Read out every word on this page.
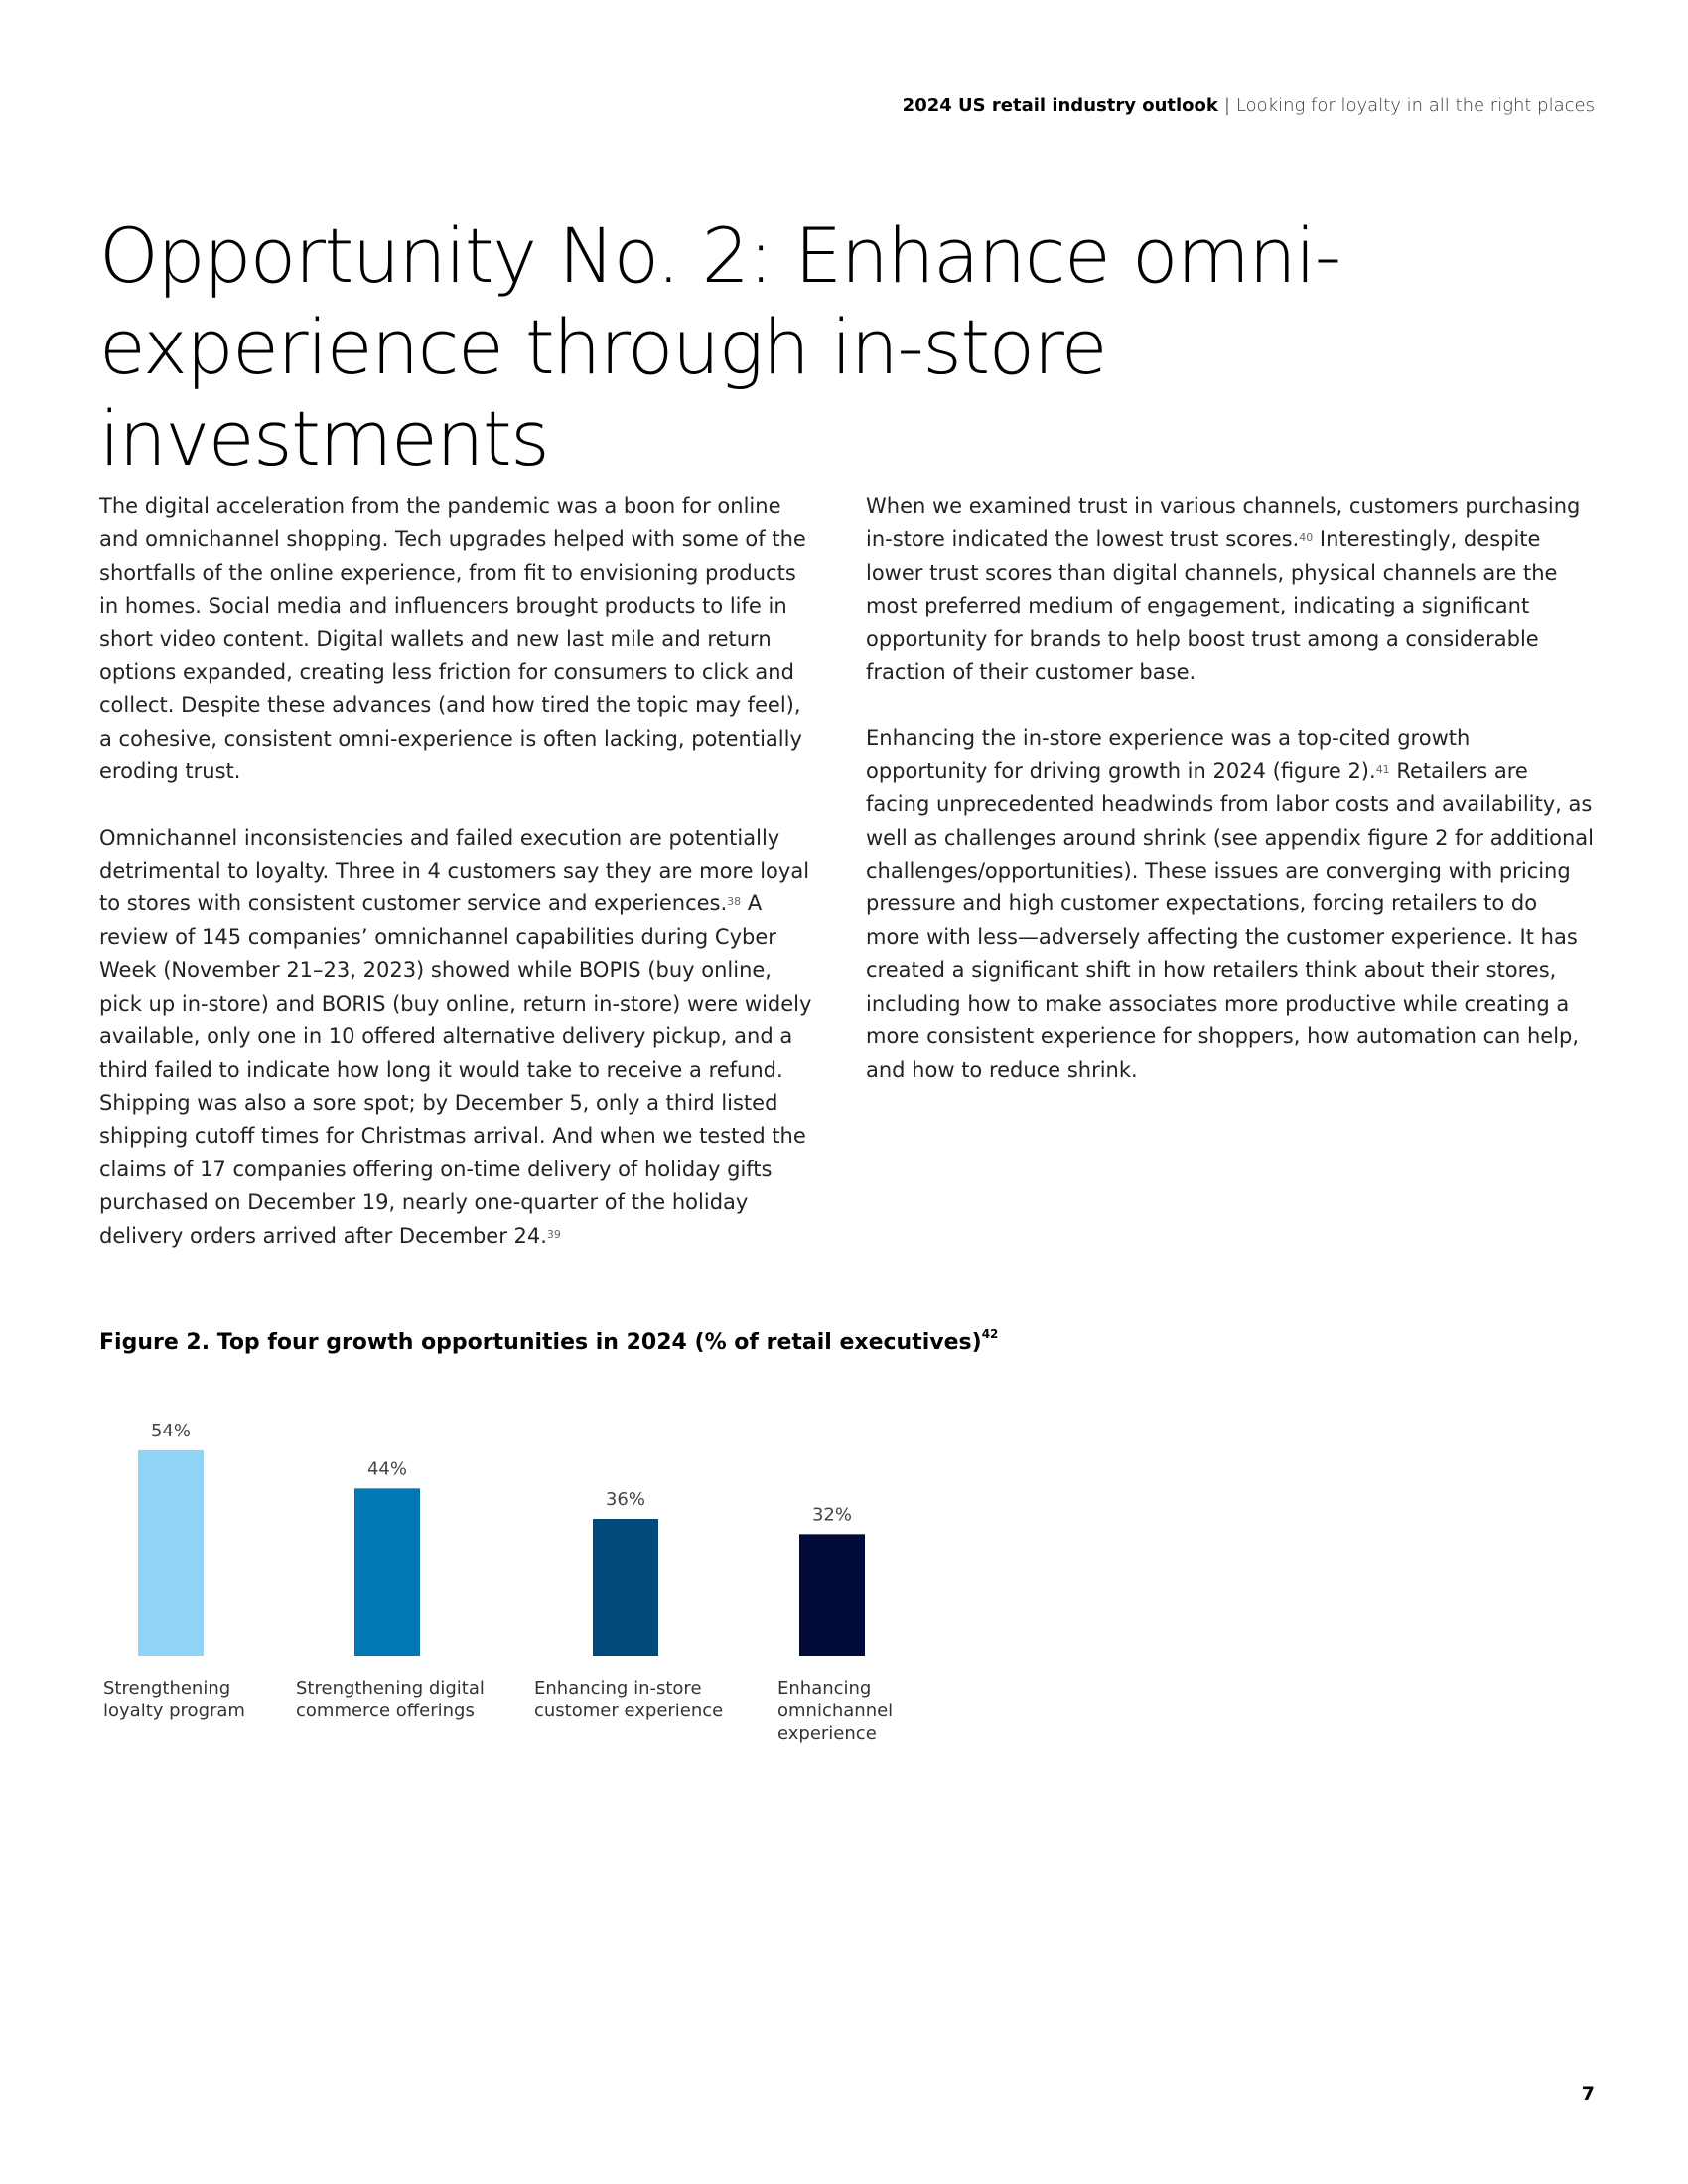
2024 US retail industry outlook | Looking for loyalty in all the right places
Opportunity No. 2: Enhance omni-experience through in-store investments

The digital acceleration from the pandemic was a boon for online and omnichannel shopping. Tech upgrades helped with some of the shortfalls of the online experience, from fit to envisioning products in homes. Social media and influencers brought products to life in short video content. Digital wallets and new last mile and return options expanded, creating less friction for consumers to click and collect. Despite these advances (and how tired the topic may feel), a cohesive, consistent omni-experience is often lacking, potentially eroding trust.

Omnichannel inconsistencies and failed execution are potentially detrimental to loyalty. Three in 4 customers say they are more loyal to stores with consistent customer service and experiences.$^{38}$ A review of 145 companies’ omnichannel capabilities during Cyber Week (November 21–23, 2023) showed while BOPIS (buy online, pick up in-store) and BORIS (buy online, return in-store) were widely available, only one in 10 offered alternative delivery pickup, and a third failed to indicate how long it would take to receive a refund. Shipping was also a sore spot; by December 5, only a third listed shipping cutoff times for Christmas arrival. And when we tested the claims of 17 companies offering on-time delivery of holiday gifts purchased on December 19, nearly one-quarter of the holiday delivery orders arrived after December 24.39

When we examined trust in various channels, customers purchasing in-store indicated the lowest trust scores.$^{40}$ Interestingly, despite lower trust scores than digital channels, physical channels are the most preferred medium of engagement, indicating a significant opportunity for brands to help boost trust among a considerable fraction of their customer base.

Enhancing the in-store experience was a top-cited growth opportunity for driving growth in 2024 (figure 2).$^{41}$ Retailers are facing unprecedented headwinds from labor costs and availability, as well as challenges around shrink (see appendix figure 2 for additional challenges/opportunities). These issues are converging with pricing pressure and high customer expectations, forcing retailers to do more with less—adversely affecting the customer experience. It has created a significant shift in how retailers think about their stores, including how to make associates more productive while creating a more consistent experience for shoppers, how automation can help, and how to reduce shrink.

Figure 2. Top four growth opportunities in 2024 (% of retail executives)$^{42}$
54%
Strengthening loyalty program
44%
Strengthening digital commerce offerings
36%
Enhancing in-store customer experience
32%
Enhancing omnichannel experience
7
